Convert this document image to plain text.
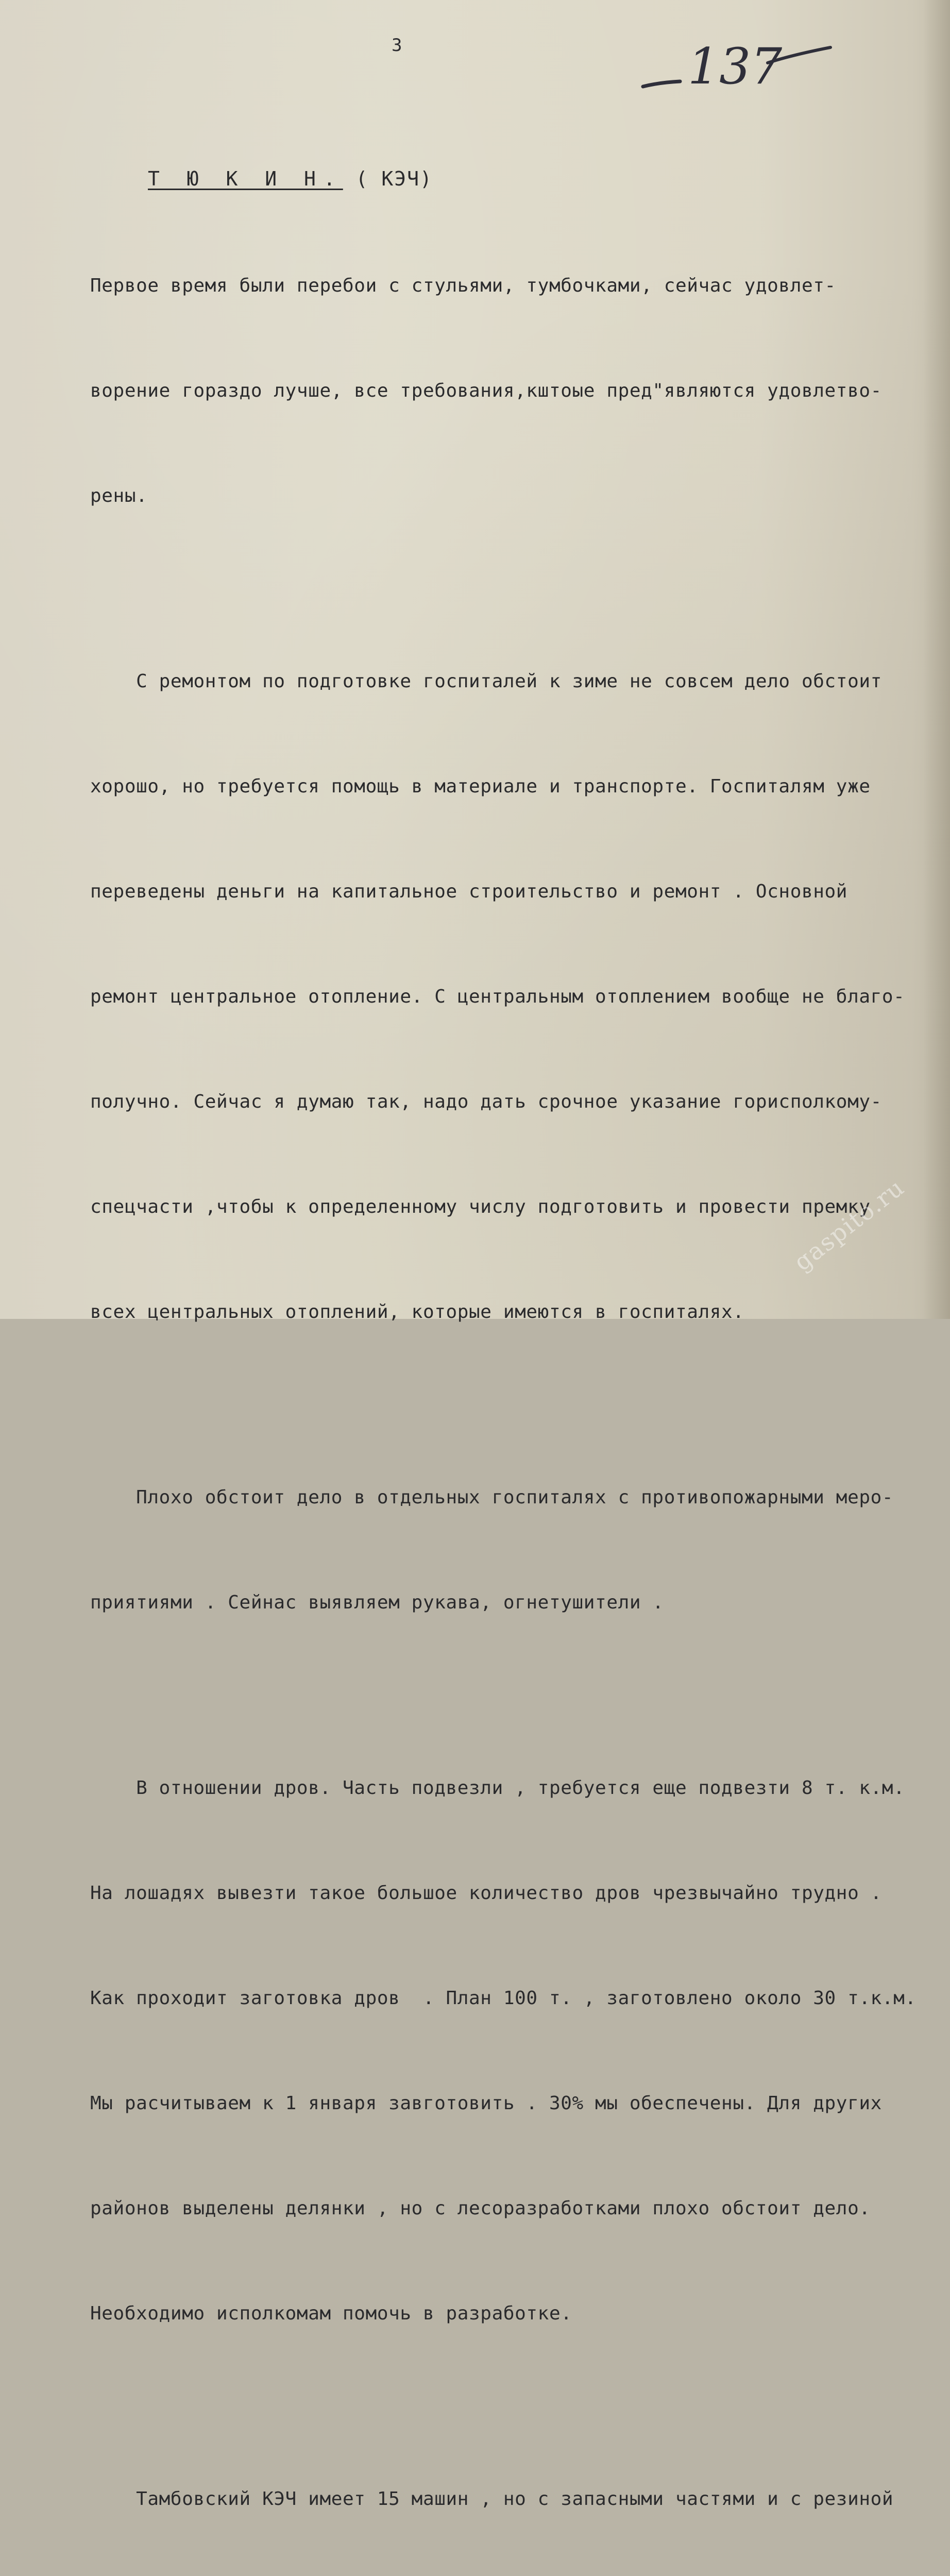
3	137
Т Ю К И Н. ( КЭЧ)

Первое время были перебои с стульями, тумбочками, сейчас удовлет-

ворение гораздо лучше, все требования,кштоые пред"являются удовлетво-

рены.

С ремонтом по подготовке госпиталей к зиме не совсем дело обстоит

хорошо, но требуется помощь в материале и транспорте. Госпиталям уже

переведены деньги на капитальное строительство и ремонт . Основной

ремонт центральное отопление. С центральным отоплением вообще не благо-

получно. Сейчас я думаю так, надо дать срочное указание горисполкому-

спецчасти ,чтобы к определенному числу подготовить и провести премку

всех центральных отоплений, которые имеются в госпиталях.

Плохо обстоит дело в отдельных госпиталях с противопожарными меро-

приятиями . Сейнас выявляем рукава, огнетушители .

В отношении дров. Часть подвезли , требуется еще подвезти 8 т. к.м.

На лошадях вывезти такое большое количество дров чрезвычайно трудно .

Как проходит заготовка дров  . План 100 т. , заготовлено около 30 т.к.м.

Мы расчитываем к 1 января завготовить . 30% мы обеспечены. Для других

районов выделены делянки , но с лесоразработками плохо обстоит дело.

Необходимо исполкомам помочь в разработке.

Тамбовский КЭЧ имеет 15 машин , но с запасными частями и с резиной

gaspito.ru
